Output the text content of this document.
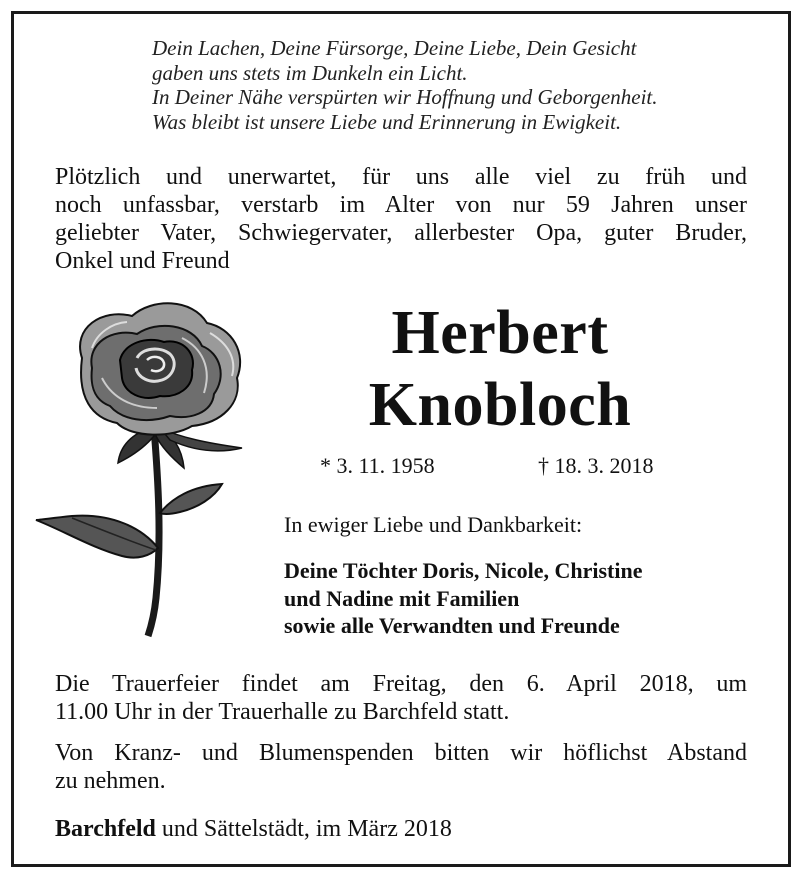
Dein Lachen, Deine Fürsorge, Deine Liebe, Dein Gesicht
gaben uns stets im Dunkeln ein Licht.
In Deiner Nähe verspürten wir Hoffnung und Geborgenheit.
Was bleibt ist unsere Liebe und Erinnerung in Ewigkeit.
Plötzlich und unerwartet, für uns alle viel zu früh und
noch unfassbar, verstarb im Alter von nur 59 Jahren unser
geliebter Vater, Schwiegervater, allerbester Opa, guter Bruder,
Onkel und Freund
Herbert
Knobloch
* 3. 11. 1958	† 18. 3. 2018
In ewiger Liebe und Dankbarkeit:
Deine Töchter Doris, Nicole, Christine
und Nadine mit Familien
sowie alle Verwandten und Freunde
Die Trauerfeier findet am Freitag, den 6. April 2018, um
11.00 Uhr in der Trauerhalle zu Barchfeld statt.
Von Kranz- und Blumenspenden bitten wir höflichst Abstand
zu nehmen.
Barchfeld und Sättelstädt, im März 2018
